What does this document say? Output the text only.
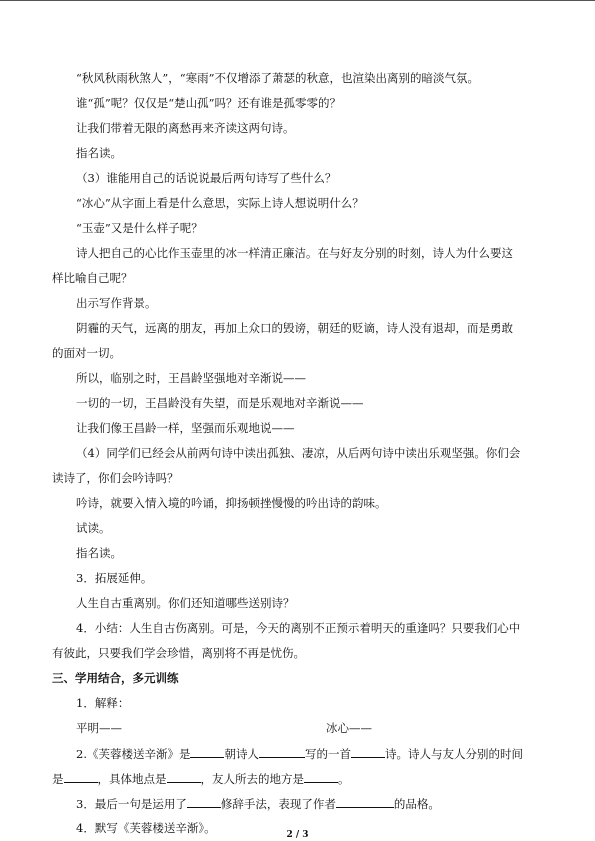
“秋风秋雨秋煞人”，“寒雨”不仅增添了萧瑟的秋意，也渲染出离别的暗淡气氛。
谁“孤”呢？仅仅是“楚山孤”吗？还有谁是孤零零的？
让我们带着无限的离愁再来齐读这两句诗。
指名读。
（3）谁能用自己的话说说最后两句诗写了些什么？
“冰心”从字面上看是什么意思，实际上诗人想说明什么？
“玉壶”又是什么样子呢？
诗人把自己的心比作玉壶里的冰一样清正廉洁。在与好友分别的时刻，诗人为什么要这
样比喻自己呢？
出示写作背景。
阴霾的天气，远离的朋友，再加上众口的毁谤，朝廷的贬谪，诗人没有退却，而是勇敢
的面对一切。
所以，临别之时，王昌龄坚强地对辛渐说——
一切的一切，王昌龄没有失望，而是乐观地对辛渐说——
让我们像王昌龄一样，坚强而乐观地说——
（4）同学们已经会从前两句诗中读出孤独、凄凉，从后两句诗中读出乐观坚强。你们会
读诗了，你们会吟诗吗？
吟诗，就要入情入境的吟诵，抑扬顿挫慢慢的吟出诗的韵味。
试读。
指名读。
3．拓展延伸。
人生自古重离别。你们还知道哪些送别诗？
4．小结：人生自古伤离别。可是，今天的离别不正预示着明天的重逢吗？只要我们心中
有彼此，只要我们学会珍惜，离别将不再是忧伤。
三、学用结合，多元训练
1．解释：
平明——	冰心——
2.《芙蓉楼送辛渐》是	朝诗人	写的一首	诗。诗人与友人分别的时间
是	，具体地点是	，友人所去的地方是	。
3．最后一句是运用了	修辞手法，表现了作者	的品格。
4．默写《芙蓉楼送辛渐》。	2 / 3
